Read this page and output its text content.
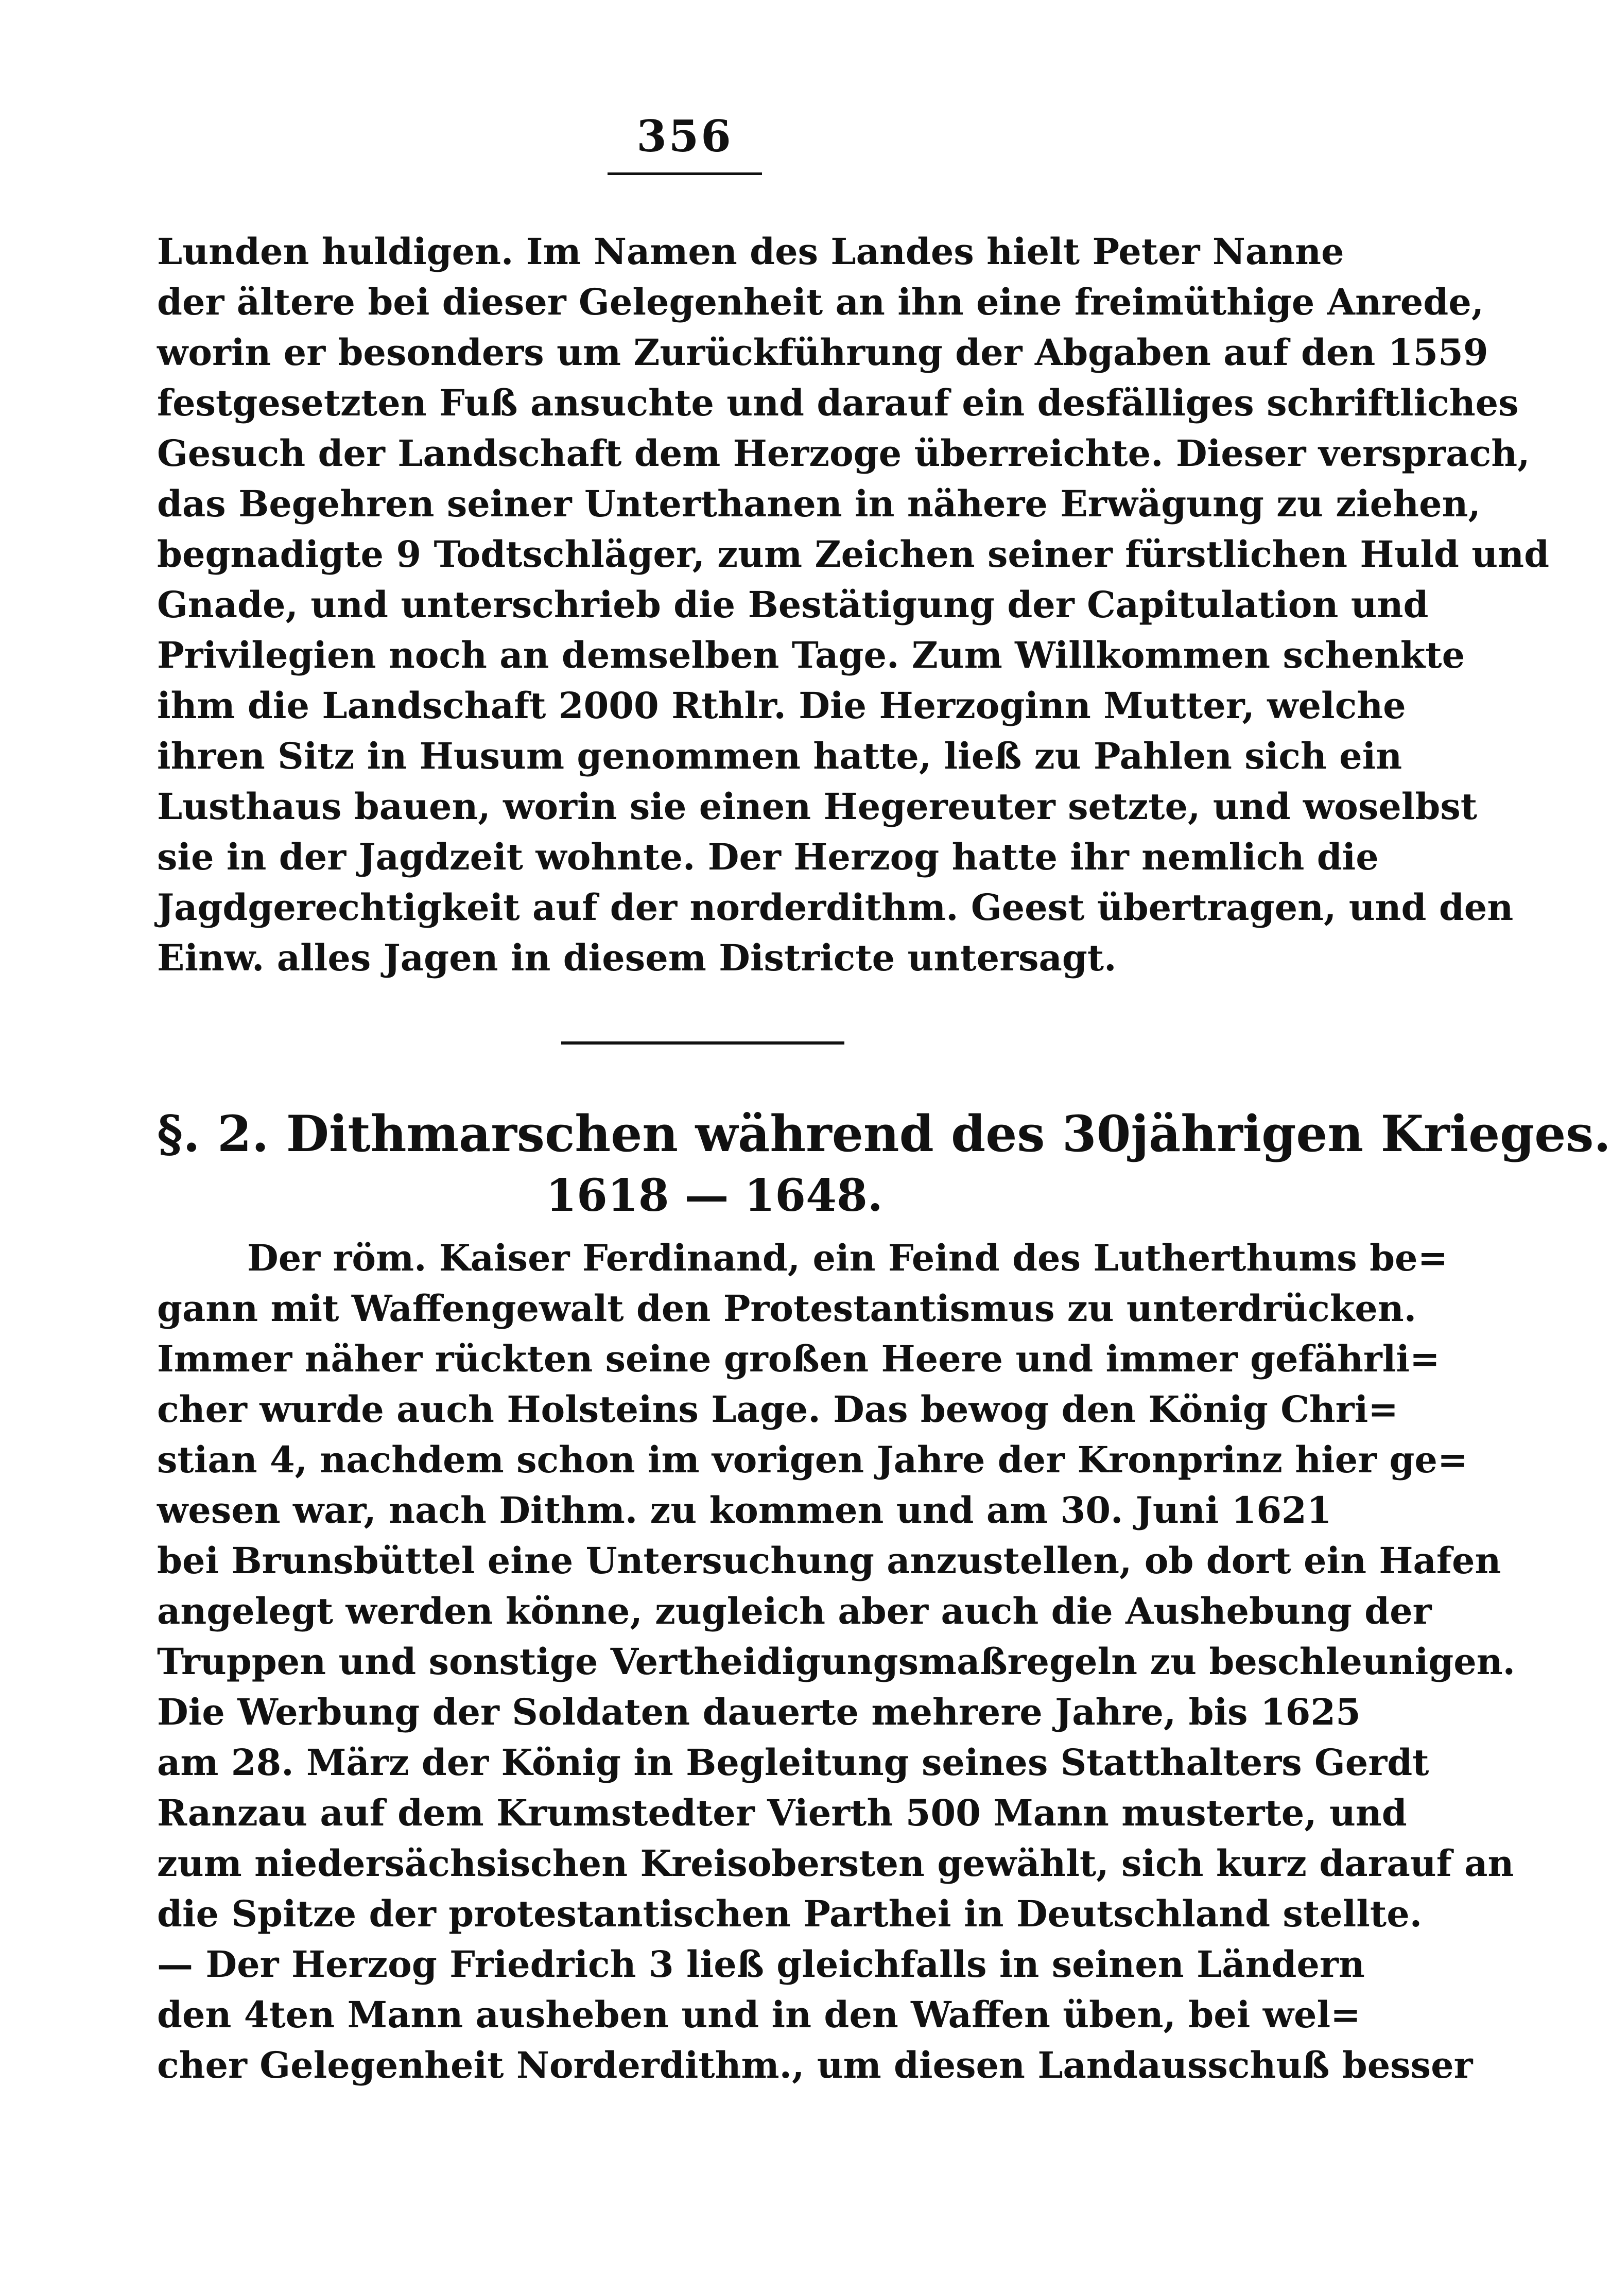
356
Lunden huldigen. Im Namen des Landes hielt Peter Nanne
der ältere bei dieser Gelegenheit an ihn eine freimüthige Anrede,
worin er besonders um Zurückführung der Abgaben auf den 1559
festgesetzten Fuß ansuchte und darauf ein desfälliges schriftliches
Gesuch der Landschaft dem Herzoge überreichte. Dieser versprach,
das Begehren seiner Unterthanen in nähere Erwägung zu ziehen,
begnadigte 9 Todtschläger, zum Zeichen seiner fürstlichen Huld und
Gnade, und unterschrieb die Bestätigung der Capitulation und
Privilegien noch an demselben Tage. Zum Willkommen schenkte
ihm die Landschaft 2000 Rthlr. Die Herzoginn Mutter, welche
ihren Sitz in Husum genommen hatte, ließ zu Pahlen sich ein
Lusthaus bauen, worin sie einen Hegereuter setzte, und woselbst
sie in der Jagdzeit wohnte. Der Herzog hatte ihr nemlich die
Jagdgerechtigkeit auf der norderdithm. Geest übertragen, und den
Einw. alles Jagen in diesem Districte untersagt.
§. 2. Dithmarschen während des 30jährigen Krieges.
1618 — 1648.
Der röm. Kaiser Ferdinand, ein Feind des Lutherthums be=
gann mit Waffengewalt den Protestantismus zu unterdrücken.
Immer näher rückten seine großen Heere und immer gefährli=
cher wurde auch Holsteins Lage. Das bewog den König Chri=
stian 4, nachdem schon im vorigen Jahre der Kronprinz hier ge=
wesen war, nach Dithm. zu kommen und am 30. Juni 1621
bei Brunsbüttel eine Untersuchung anzustellen, ob dort ein Hafen
angelegt werden könne, zugleich aber auch die Aushebung der
Truppen und sonstige Vertheidigungsmaßregeln zu beschleunigen.
Die Werbung der Soldaten dauerte mehrere Jahre, bis 1625
am 28. März der König in Begleitung seines Statthalters Gerdt
Ranzau auf dem Krumstedter Vierth 500 Mann musterte, und
zum niedersächsischen Kreisobersten gewählt, sich kurz darauf an
die Spitze der protestantischen Parthei in Deutschland stellte.
— Der Herzog Friedrich 3 ließ gleichfalls in seinen Ländern
den 4ten Mann ausheben und in den Waffen üben, bei wel=
cher Gelegenheit Norderdithm., um diesen Landausschuß besser
